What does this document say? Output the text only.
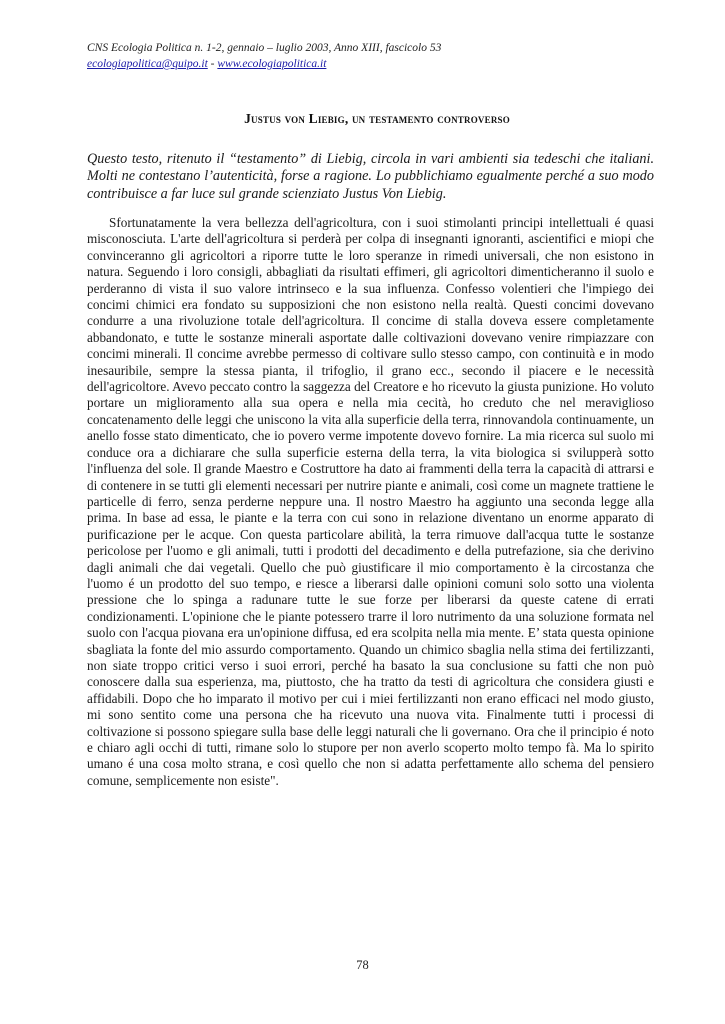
CNS Ecologia Politica n. 1-2, gennaio – luglio 2003, Anno XIII, fascicolo 53
ecologiapolitica@quipo.it - www.ecologiapolitica.it
Justus von Liebig, un testamento controverso
Questo testo, ritenuto il “testamento” di Liebig, circola in vari ambienti sia tedeschi che italiani. Molti ne contestano l’autenticità, forse a ragione. Lo pubblichiamo egualmente perché a suo modo contribuisce a far luce sul grande scienziato Justus Von Liebig.

Sfortunatamente la vera bellezza dell'agricoltura, con i suoi stimolanti principi intellettuali é quasi misconosciuta. L'arte dell'agricoltura si perderà per colpa di insegnanti ignoranti, ascientifici e miopi che convinceranno gli agricoltori a riporre tutte le loro speranze in rimedi universali, che non esistono in natura. Seguendo i loro consigli, abbagliati da risultati effimeri, gli agricoltori dimenticheranno il suolo e perderanno di vista il suo valore intrinseco e la sua influenza. Confesso volentieri che l'impiego dei concimi chimici era fondato su supposizioni che non esistono nella realtà. Questi concimi dovevano condurre a una rivoluzione totale dell'agricoltura. Il concime di stalla doveva essere completamente abbandonato, e tutte le sostanze minerali asportate dalle coltivazioni dovevano venire rimpiazzare con concimi minerali. Il concime avrebbe permesso di coltivare sullo stesso campo, con continuità e in modo inesauribile, sempre la stessa pianta, il trifoglio, il grano ecc., secondo il piacere e le necessità dell'agricoltore. Avevo peccato contro la saggezza del Creatore e ho ricevuto la giusta punizione. Ho voluto portare un miglioramento alla sua opera e nella mia cecità, ho creduto che nel meraviglioso concatenamento delle leggi che uniscono la vita alla superficie della terra, rinnovandola continuamente, un anello fosse stato dimenticato, che io povero verme impotente dovevo fornire. La mia ricerca sul suolo mi conduce ora a dichiarare che sulla superficie esterna della terra, la vita biologica si svilupperà sotto l'influenza del sole. Il grande Maestro e Costruttore ha dato ai frammenti della terra la capacità di attrarsi e di contenere in se tutti gli elementi necessari per nutrire piante e animali, così come un magnete trattiene le particelle di ferro, senza perderne neppure una. Il nostro Maestro ha aggiunto una seconda legge alla prima. In base ad essa, le piante e la terra con cui sono in relazione diventano un enorme apparato di purificazione per le acque. Con questa particolare abilità, la terra rimuove dall'acqua tutte le sostanze pericolose per l'uomo e gli animali, tutti i prodotti del decadimento e della putrefazione, sia che derivino dagli animali che dai vegetali. Quello che può giustificare il mio comportamento è la circostanza che l'uomo é un prodotto del suo tempo, e riesce a liberarsi dalle opinioni comuni solo sotto una violenta pressione che lo spinga a radunare tutte le sue forze per liberarsi da queste catene di errati condizionamenti. L'opinione che le piante potessero trarre il loro nutrimento da una soluzione formata nel suolo con l'acqua piovana era un'opinione diffusa, ed era scolpita nella mia mente. E’ stata questa opinione sbagliata la fonte del mio assurdo comportamento. Quando un chimico sbaglia nella stima dei fertilizzanti, non siate troppo critici verso i suoi errori, perché ha basato la sua conclusione su fatti che non può conoscere dalla sua esperienza, ma, piuttosto, che ha tratto da testi di agricoltura che considera giusti e affidabili. Dopo che ho imparato il motivo per cui i miei fertilizzanti non erano efficaci nel modo giusto, mi sono sentito come una persona che ha ricevuto una nuova vita. Finalmente tutti i processi di coltivazione si possono spiegare sulla base delle leggi naturali che li governano. Ora che il principio é noto e chiaro agli occhi di tutti, rimane solo lo stupore per non averlo scoperto molto tempo fà. Ma lo spirito umano é una cosa molto strana, e così quello che non si adatta perfettamente allo schema del pensiero comune, semplicemente non esiste".

78
